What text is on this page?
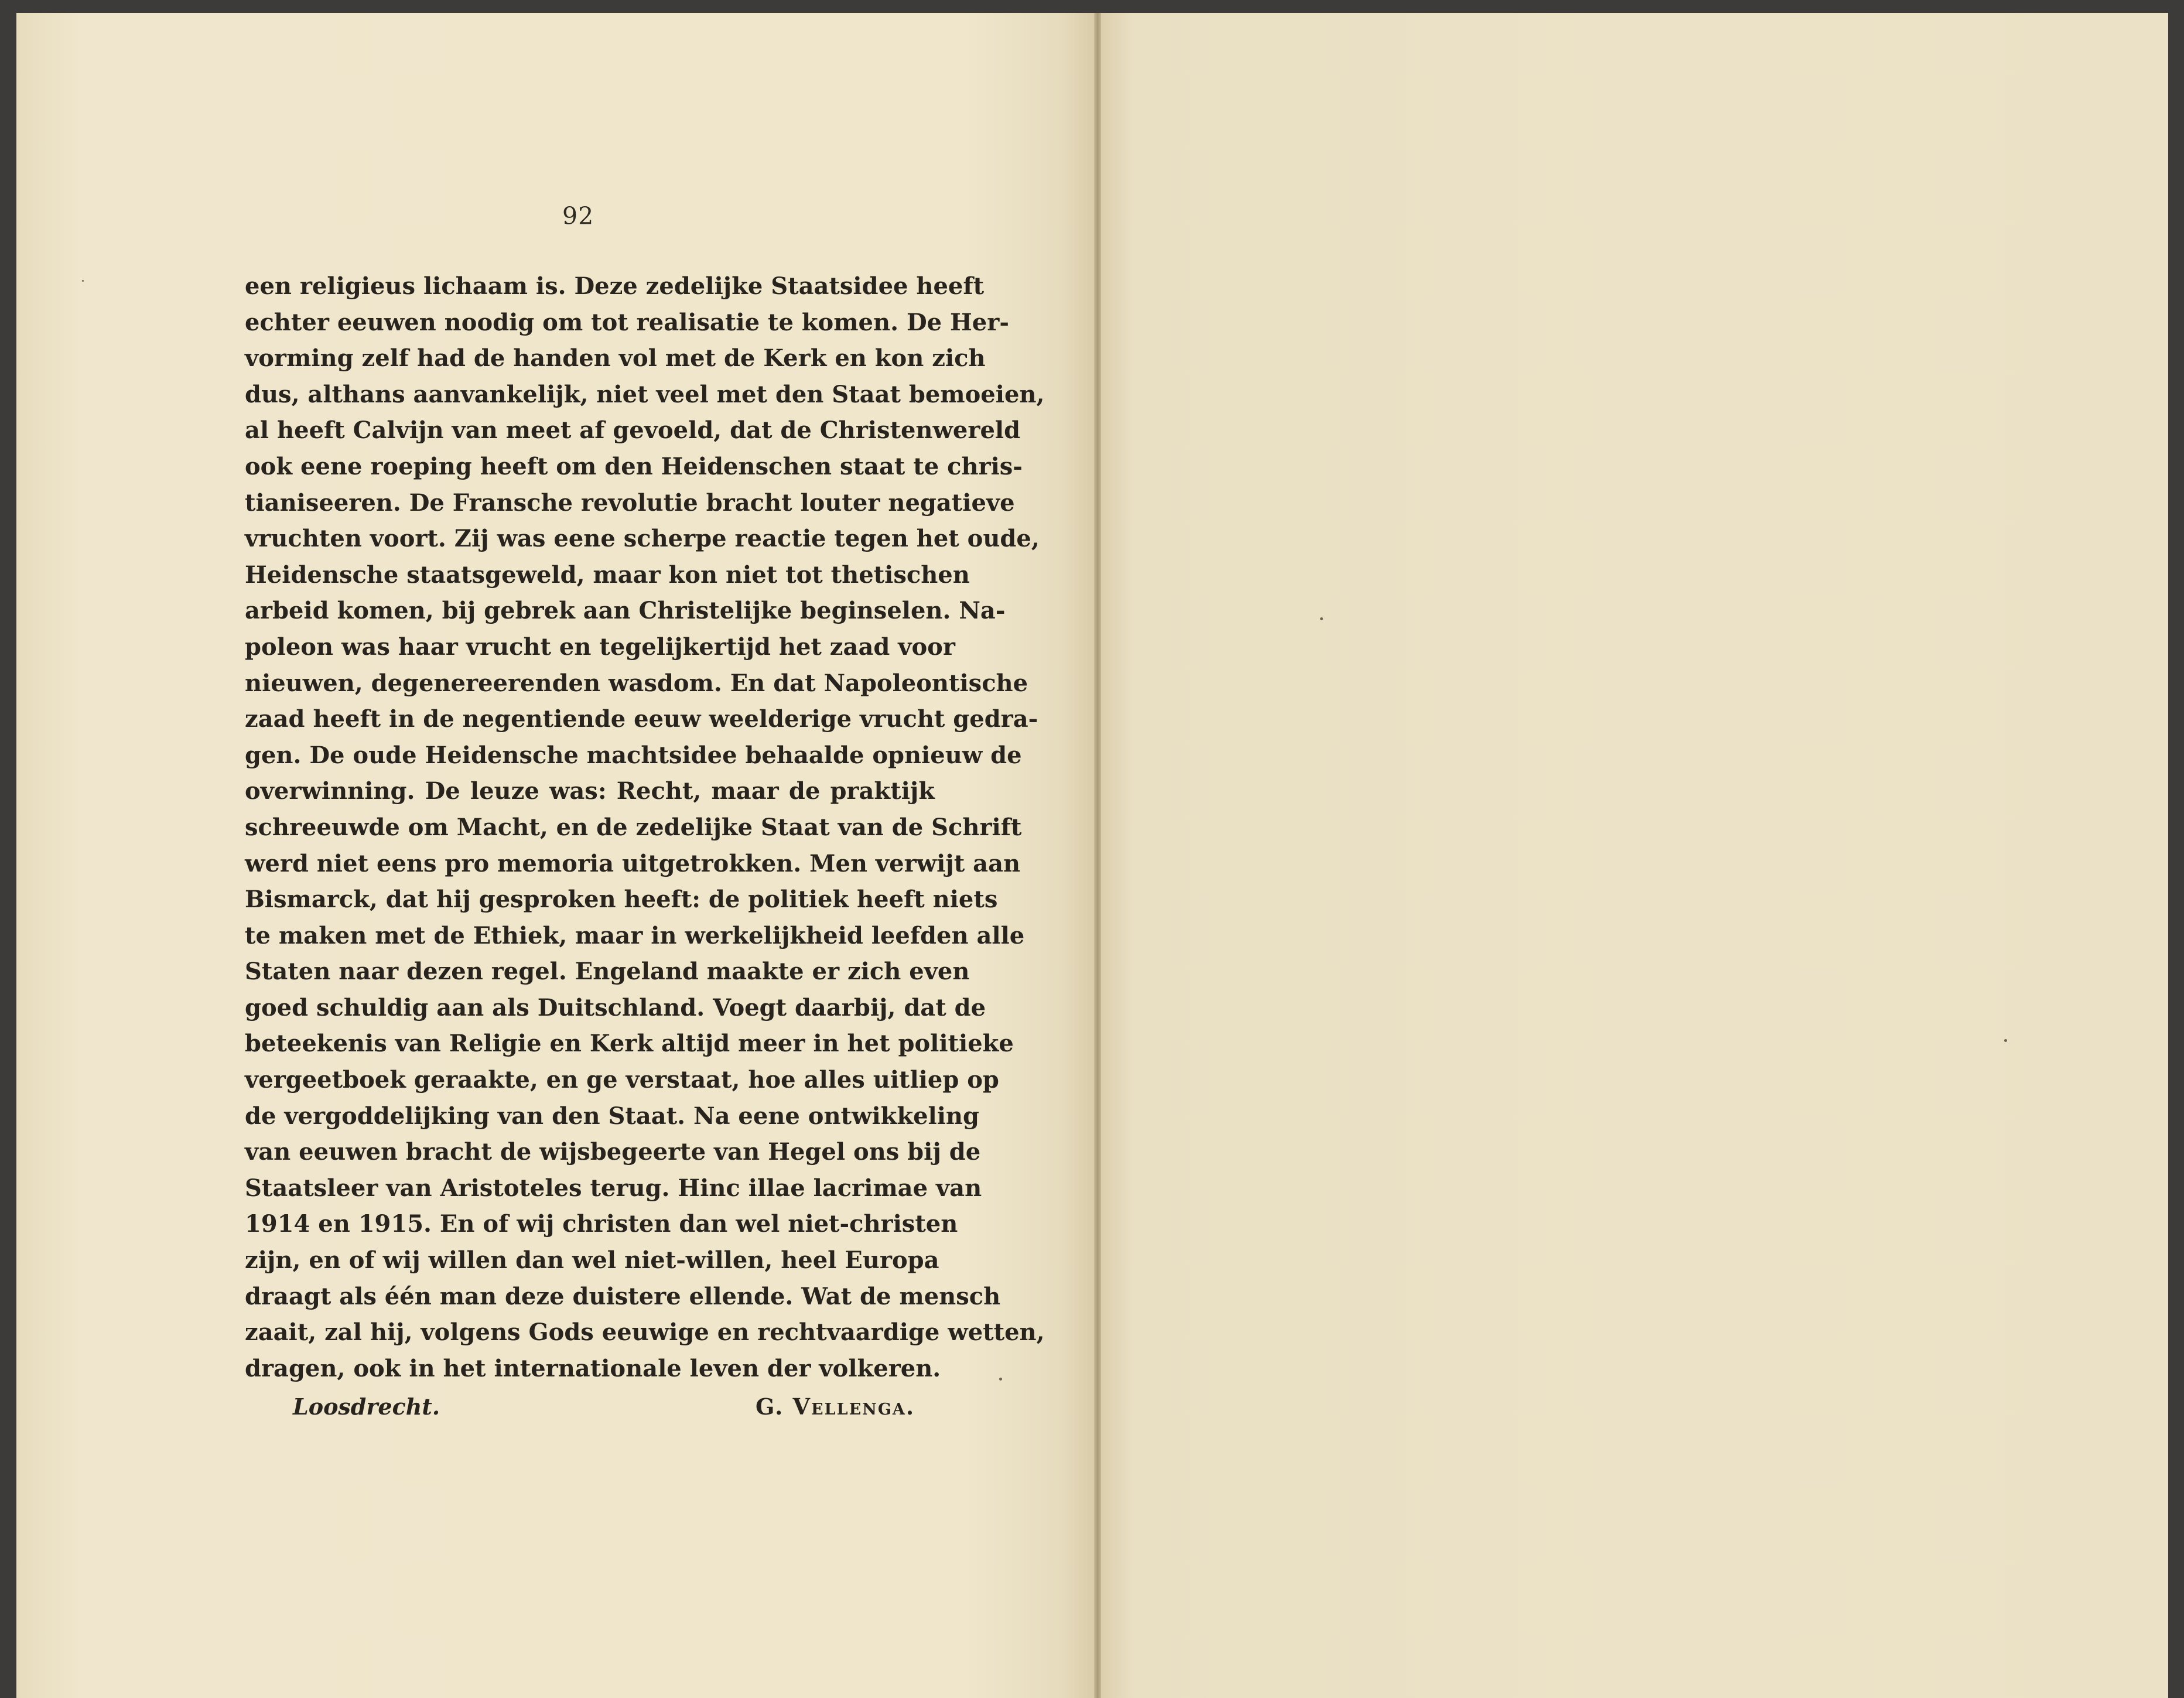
92
een religieus lichaam is. Deze zedelijke Staatsidee heeft
echter eeuwen noodig om tot realisatie te komen. De Her-
vorming zelf had de handen vol met de Kerk en kon zich
dus, althans aanvankelijk, niet veel met den Staat bemoeien,
al heeft Calvijn van meet af gevoeld, dat de Christenwereld
ook eene roeping heeft om den Heidenschen staat te chris-
tianiseeren. De Fransche revolutie bracht louter negatieve
vruchten voort. Zij was eene scherpe reactie tegen het oude,
Heidensche staatsgeweld, maar kon niet tot thetischen
arbeid komen, bij gebrek aan Christelijke beginselen. Na-
poleon was haar vrucht en tegelijkertijd het zaad voor
nieuwen, degenereerenden wasdom. En dat Napoleontische
zaad heeft in de negentiende eeuw weelderige vrucht gedra-
gen. De oude Heidensche machtsidee behaalde opnieuw de
overwinning. De leuze was: Recht, maar de praktijk
schreeuwde om Macht, en de zedelijke Staat van de Schrift
werd niet eens pro memoria uitgetrokken. Men verwijt aan
Bismarck, dat hij gesproken heeft: de politiek heeft niets
te maken met de Ethiek, maar in werkelijkheid leefden alle
Staten naar dezen regel. Engeland maakte er zich even
goed schuldig aan als Duitschland. Voegt daarbij, dat de
beteekenis van Religie en Kerk altijd meer in het politieke
vergeetboek geraakte, en ge verstaat, hoe alles uitliep op
de vergoddelijking van den Staat. Na eene ontwikkeling
van eeuwen bracht de wijsbegeerte van Hegel ons bij de
Staatsleer van Aristoteles terug. Hinc illae lacrimae van
1914 en 1915. En of wij christen dan wel niet-christen
zijn, en of wij willen dan wel niet-willen, heel Europa
draagt als één man deze duistere ellende. Wat de mensch
zaait, zal hij, volgens Gods eeuwige en rechtvaardige wetten,
dragen, ook in het internationale leven der volkeren.
Loosdrecht.	G. Vellenga.
